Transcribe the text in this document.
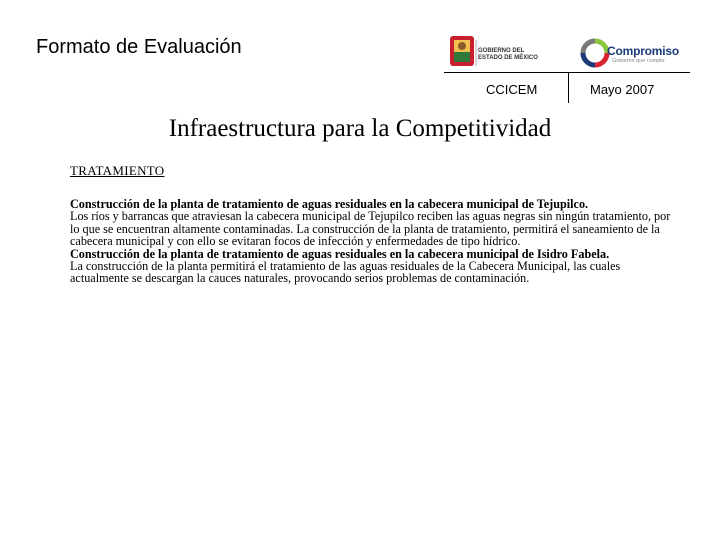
Formato de Evaluación	GOBIERNO DEL
ESTADO DE MÉXICO	Compromiso
Gobierno que cumple
CCICEM	Mayo 2007
Infraestructura para la Competitividad
TRATAMIENTO

Construcción de la planta de tratamiento de aguas residuales en la cabecera municipal de Tejupilco.

Los ríos y barrancas que atraviesan la cabecera municipal de Tejupilco reciben las aguas negras sin ningún tratamiento, por lo que se encuentran altamente contaminadas. La construcción de la planta de tratamiento, permitirá el saneamiento de la cabecera municipal y con ello se evitaran focos de infección y enfermedades de tipo hídrico.

Construcción de la planta de tratamiento de aguas residuales en la cabecera municipal de Isidro Fabela.

La construcción de la planta permitirá el tratamiento de las aguas residuales de la Cabecera Municipal, las cuales actualmente se descargan la cauces naturales, provocando serios problemas de contaminación.
